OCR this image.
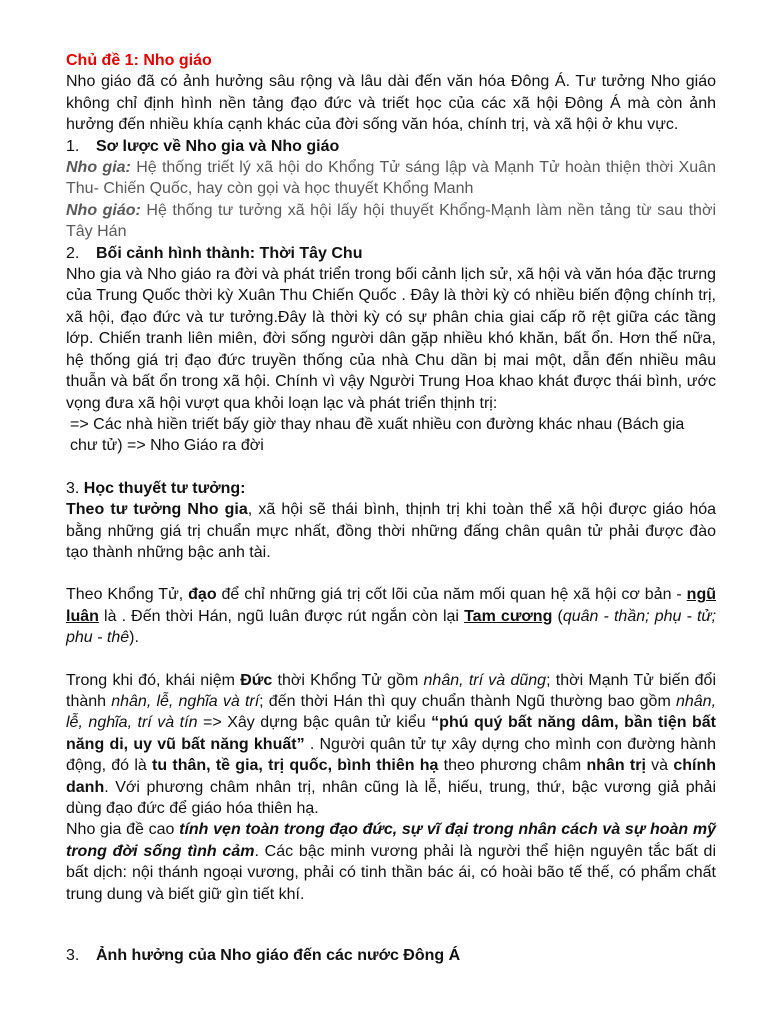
Chủ đề 1: Nho giáo

Nho giáo đã có ảnh hưởng sâu rộng và lâu dài đến văn hóa Đông Á. Tư tưởng Nho giáo không chỉ định hình nền tảng đạo đức và triết học của các xã hội Đông Á mà còn ảnh hưởng đến nhiều khía cạnh khác của đời sống văn hóa, chính trị, và xã hội ở khu vực.

1. Sơ lược về Nho gia và Nho giáo

Nho gia: Hệ thống triết lý xã hội do Khổng Tử sáng lập và Mạnh Tử hoàn thiện thời Xuân Thu- Chiến Quốc, hay còn gọi và học thuyết Khổng Manh

Nho giáo: Hệ thống tư tưởng xã hội lấy hội thuyết Khổng-Mạnh làm nền tảng từ sau thời Tây Hán

2. Bối cảnh hình thành: Thời Tây Chu

Nho gia và Nho giáo ra đời và phát triển trong bối cảnh lịch sử, xã hội và văn hóa đặc trưng của Trung Quốc thời kỳ Xuân Thu Chiến Quốc . Đây là thời kỳ có nhiều biến động chính trị, xã hội, đạo đức và tư tưởng.Đây là thời kỳ có sự phân chia giai cấp rõ rệt giữa các tầng lớp. Chiến tranh liên miên, đời sống người dân gặp nhiều khó khăn, bất ổn. Hơn thế nữa, hệ thống giá trị đạo đức truyền thống của nhà Chu dần bị mai một, dẫn đến nhiều mâu thuẫn và bất ổn trong xã hội. Chính vì vậy Người Trung Hoa khao khát được thái bình, ước vọng đưa xã hội vượt qua khỏi loạn lạc và phát triển thịnh trị:

=> Các nhà hiền triết bấy giờ thay nhau đề xuất nhiều con đường khác nhau (Bách gia chư tử) => Nho Giáo ra đời

3. Học thuyết tư tưởng:

Theo tư tưởng Nho gia, xã hội sẽ thái bình, thịnh trị khi toàn thể xã hội được giáo hóa bằng những giá trị chuẩn mực nhất, đồng thời những đấng chân quân tử phải được đào tạo thành những bậc anh tài.

Theo Khổng Tử, đạo để chỉ những giá trị cốt lõi của năm mối quan hệ xã hội cơ bản - ngũ luân là . Đến thời Hán, ngũ luân được rút ngắn còn lại Tam cương (quân - thần; phụ - tử; phu - thê).

Trong khi đó, khái niệm Đức thời Khổng Tử gồm nhân, trí và dũng; thời Mạnh Tử biến đổi thành nhân, lễ, nghĩa và trí; đến thời Hán thì quy chuẩn thành Ngũ thường bao gồm nhân, lễ, nghĩa, trí và tín => Xây dựng bậc quân tử kiểu “phú quý bất năng dâm, bần tiện bất năng di, uy vũ bất năng khuất” . Người quân tử tự xây dựng cho mình con đường hành động, đó là tu thân, tề gia, trị quốc, bình thiên hạ theo phương châm nhân trị và chính danh. Với phương châm nhân trị, nhân cũng là lễ, hiếu, trung, thứ, bậc vương giả phải dùng đạo đức để giáo hóa thiên hạ.

Nho gia đề cao tính vẹn toàn trong đạo đức, sự vĩ đại trong nhân cách và sự hoàn mỹ trong đời sống tình cảm. Các bậc minh vương phải là người thể hiện nguyên tắc bất di bất dịch: nội thánh ngoại vương, phải có tinh thần bác ái, có hoài bão tế thế, có phẩm chất trung dung và biết giữ gìn tiết khí.

3. Ảnh hưởng của Nho giáo đến các nước Đông Á
